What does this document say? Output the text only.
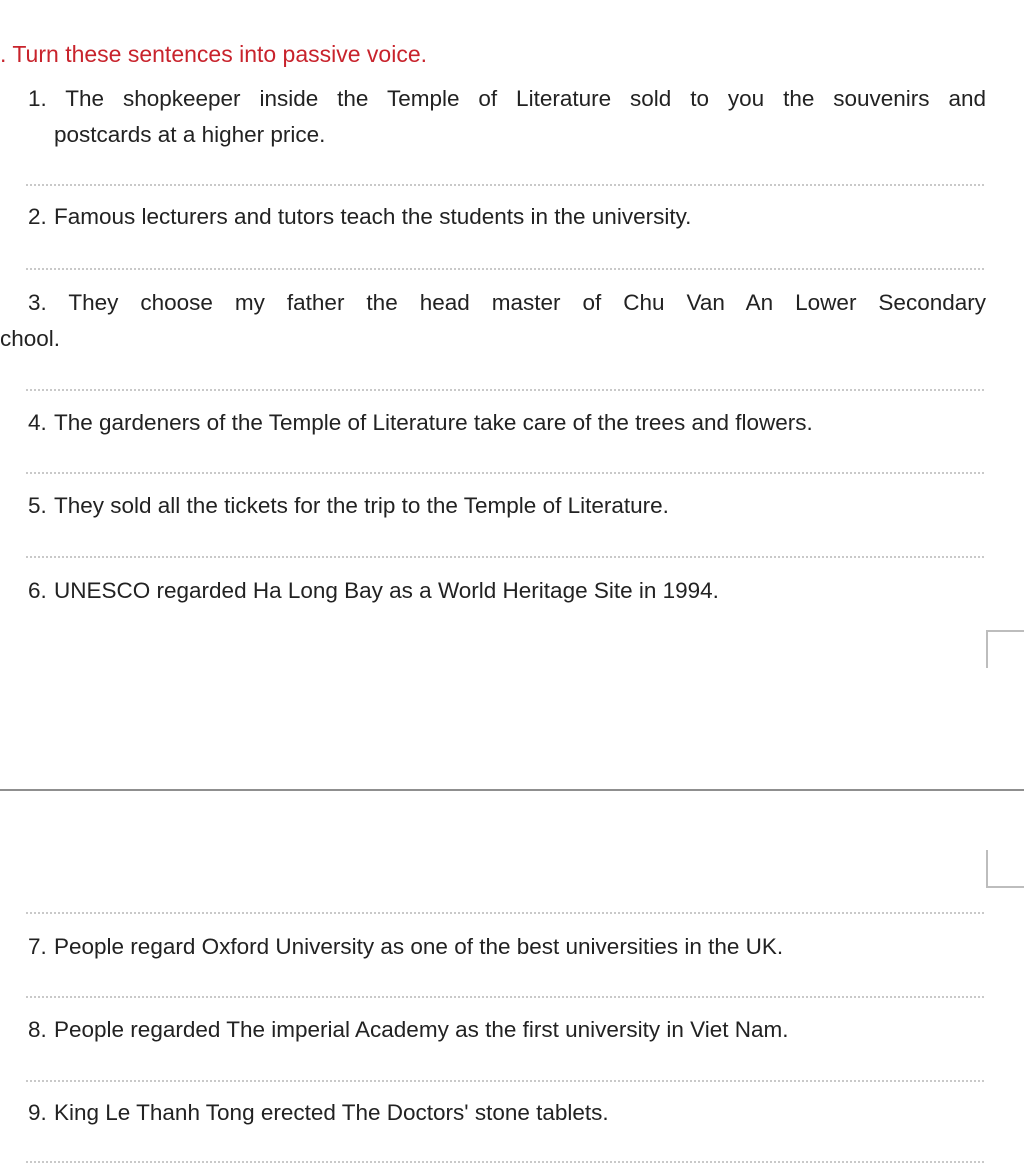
. Turn these sentences into passive voice.
1. The shopkeeper inside the Temple of Literature sold to you the souvenirs and
postcards at a higher price.
2. Famous lecturers and tutors teach the students in the university.
3. They choose my father the head master of Chu Van An Lower Secondary
chool.
4. The gardeners of the Temple of Literature take care of the trees and flowers.
5. They sold all the tickets for the trip to the Temple of Literature.
6. UNESCO regarded Ha Long Bay as a World Heritage Site in 1994.
7. People regard Oxford University as one of the best universities in the UK.
8. People regarded The imperial Academy as the first university in Viet Nam.
9. King Le Thanh Tong erected The Doctors' stone tablets.
